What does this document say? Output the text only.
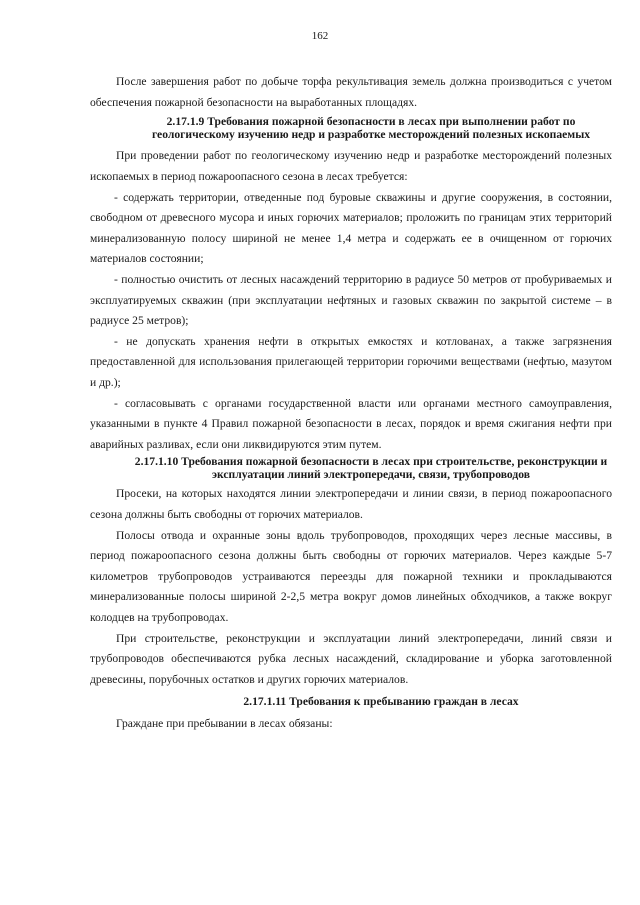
162

После завершения работ по добыче торфа рекультивация земель должна производиться с учетом обеспечения пожарной безопасности на выработанных площадях.

2.17.1.9 Требования пожарной безопасности в лесах при выполнении работ по геологическому изучению недр и разработке месторождений полезных ископаемых

При проведении работ по геологическому изучению недр и разработке месторождений полезных ископаемых в период пожароопасного сезона в лесах требуется:

- содержать территории, отведенные под буровые скважины и другие сооружения, в состоянии, свободном от древесного мусора и иных горючих материалов; проложить по границам этих территорий минерализованную полосу шириной не менее 1,4 метра и содержать ее в очищенном от горючих материалов состоянии;

- полностью очистить от лесных насаждений территорию в радиусе 50 метров от пробуриваемых и эксплуатируемых скважин (при эксплуатации нефтяных и газовых скважин по закрытой системе – в радиусе 25 метров);

- не допускать хранения нефти в открытых емкостях и котлованах, а также загрязнения предоставленной для использования прилегающей территории горючими веществами (нефтью, мазутом и др.);

- согласовывать с органами государственной власти или органами местного самоуправления, указанными в пункте 4 Правил пожарной безопасности в лесах, порядок и время сжигания нефти при аварийных разливах, если они ликвидируются этим путем.

2.17.1.10 Требования пожарной безопасности в лесах при строительстве, реконструкции и эксплуатации линий электропередачи, связи, трубопроводов

Просеки, на которых находятся линии электропередачи и линии связи, в период пожароопасного сезона должны быть свободны от горючих материалов.

Полосы отвода и охранные зоны вдоль трубопроводов, проходящих через лесные массивы, в период пожароопасного сезона должны быть свободны от горючих материалов. Через каждые 5-7 километров трубопроводов устраиваются переезды для пожарной техники и прокладываются минерализованные полосы шириной 2-2,5 метра вокруг домов линейных обходчиков, а также вокруг колодцев на трубопроводах.

При строительстве, реконструкции и эксплуатации линий электропередачи, линий связи и трубопроводов обеспечиваются рубка лесных насаждений, складирование и уборка заготовленной древесины, порубочных остатков и других горючих материалов.

2.17.1.11 Требования к пребыванию граждан в лесах

Граждане при пребывании в лесах обязаны:
